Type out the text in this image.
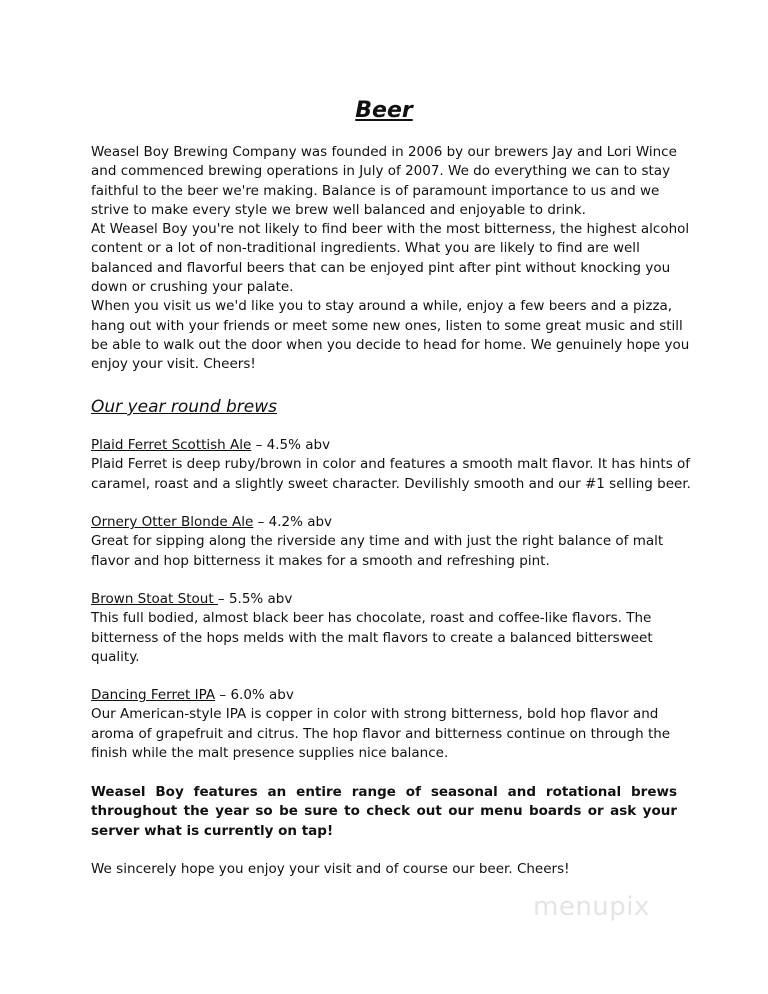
Beer

Weasel Boy Brewing Company was founded in 2006 by our brewers Jay and Lori Wince and commenced brewing operations in July of 2007. We do everything we can to stay faithful to the beer we're making. Balance is of paramount importance to us and we strive to make every style we brew well balanced and enjoyable to drink.

At Weasel Boy you're not likely to find beer with the most bitterness, the highest alcohol content or a lot of non-traditional ingredients. What you are likely to find are well balanced and flavorful beers that can be enjoyed pint after pint without knocking you down or crushing your palate.

When you visit us we'd like you to stay around a while, enjoy a few beers and a pizza, hang out with your friends or meet some new ones, listen to some great music and still be able to walk out the door when you decide to head for home. We genuinely hope you enjoy your visit. Cheers!

Our year round brews

Plaid Ferret Scottish Ale – 4.5% abv

Plaid Ferret is deep ruby/brown in color and features a smooth malt flavor. It has hints of caramel, roast and a slightly sweet character. Devilishly smooth and our #1 selling beer.

Ornery Otter Blonde Ale – 4.2% abv

Great for sipping along the riverside any time and with just the right balance of malt flavor and hop bitterness it makes for a smooth and refreshing pint.

Brown Stoat Stout – 5.5% abv

This full bodied, almost black beer has chocolate, roast and coffee-like flavors. The bitterness of the hops melds with the malt flavors to create a balanced bittersweet quality.

Dancing Ferret IPA – 6.0% abv

Our American-style IPA is copper in color with strong bitterness, bold hop flavor and aroma of grapefruit and citrus. The hop flavor and bitterness continue on through the finish while the malt presence supplies nice balance.

Weasel Boy features an entire range of seasonal and rotational brews throughout the year so be sure to check out our menu boards or ask your server what is currently on tap!
We sincerely hope you enjoy your visit and of course our beer. Cheers!
menupix
